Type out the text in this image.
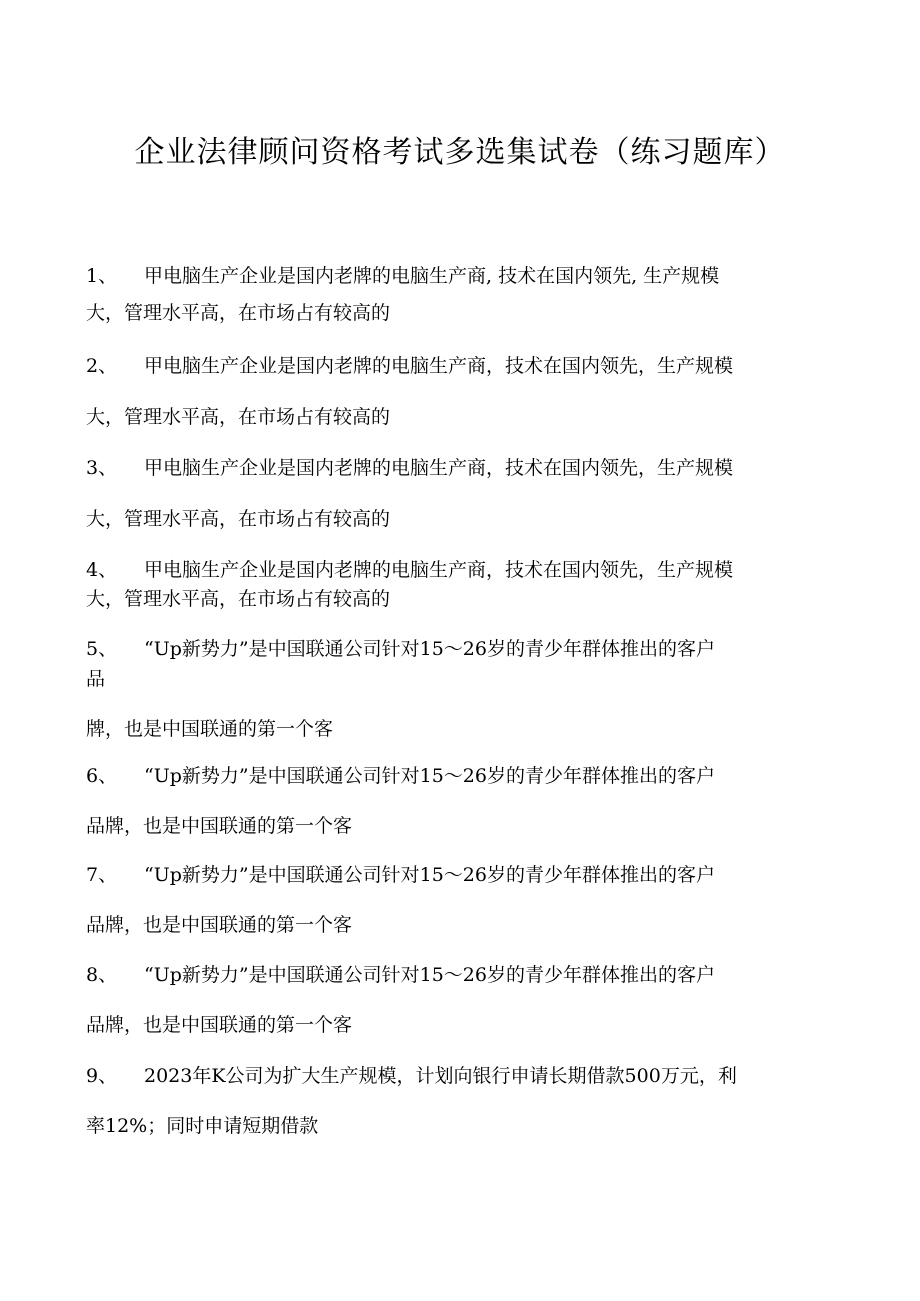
企业法律顾问资格考试多选集试卷（练习题库）
1、 甲电脑生产企业是国内老牌的电脑生产商, 技术在国内领先, 生产规模
大，管理水平高，在市场占有较高的
2、 甲电脑生产企业是国内老牌的电脑生产商，技术在国内领先，生产规模
大，管理水平高，在市场占有较高的
3、 甲电脑生产企业是国内老牌的电脑生产商，技术在国内领先，生产规模
大，管理水平高，在市场占有较高的
4、 甲电脑生产企业是国内老牌的电脑生产商，技术在国内领先，生产规模
大，管理水平高，在市场占有较高的
5、 “Up新势力”是中国联通公司针对15～26岁的青少年群体推出的客户
品
牌，也是中国联通的第一个客
6、 “Up新势力”是中国联通公司针对15～26岁的青少年群体推出的客户
品牌，也是中国联通的第一个客
7、 “Up新势力”是中国联通公司针对15～26岁的青少年群体推出的客户
品牌，也是中国联通的第一个客
8、 “Up新势力”是中国联通公司针对15～26岁的青少年群体推出的客户
品牌，也是中国联通的第一个客
9、 2023年K公司为扩大生产规模，计划向银行申请长期借款500万元，利
率12%；同时申请短期借款
